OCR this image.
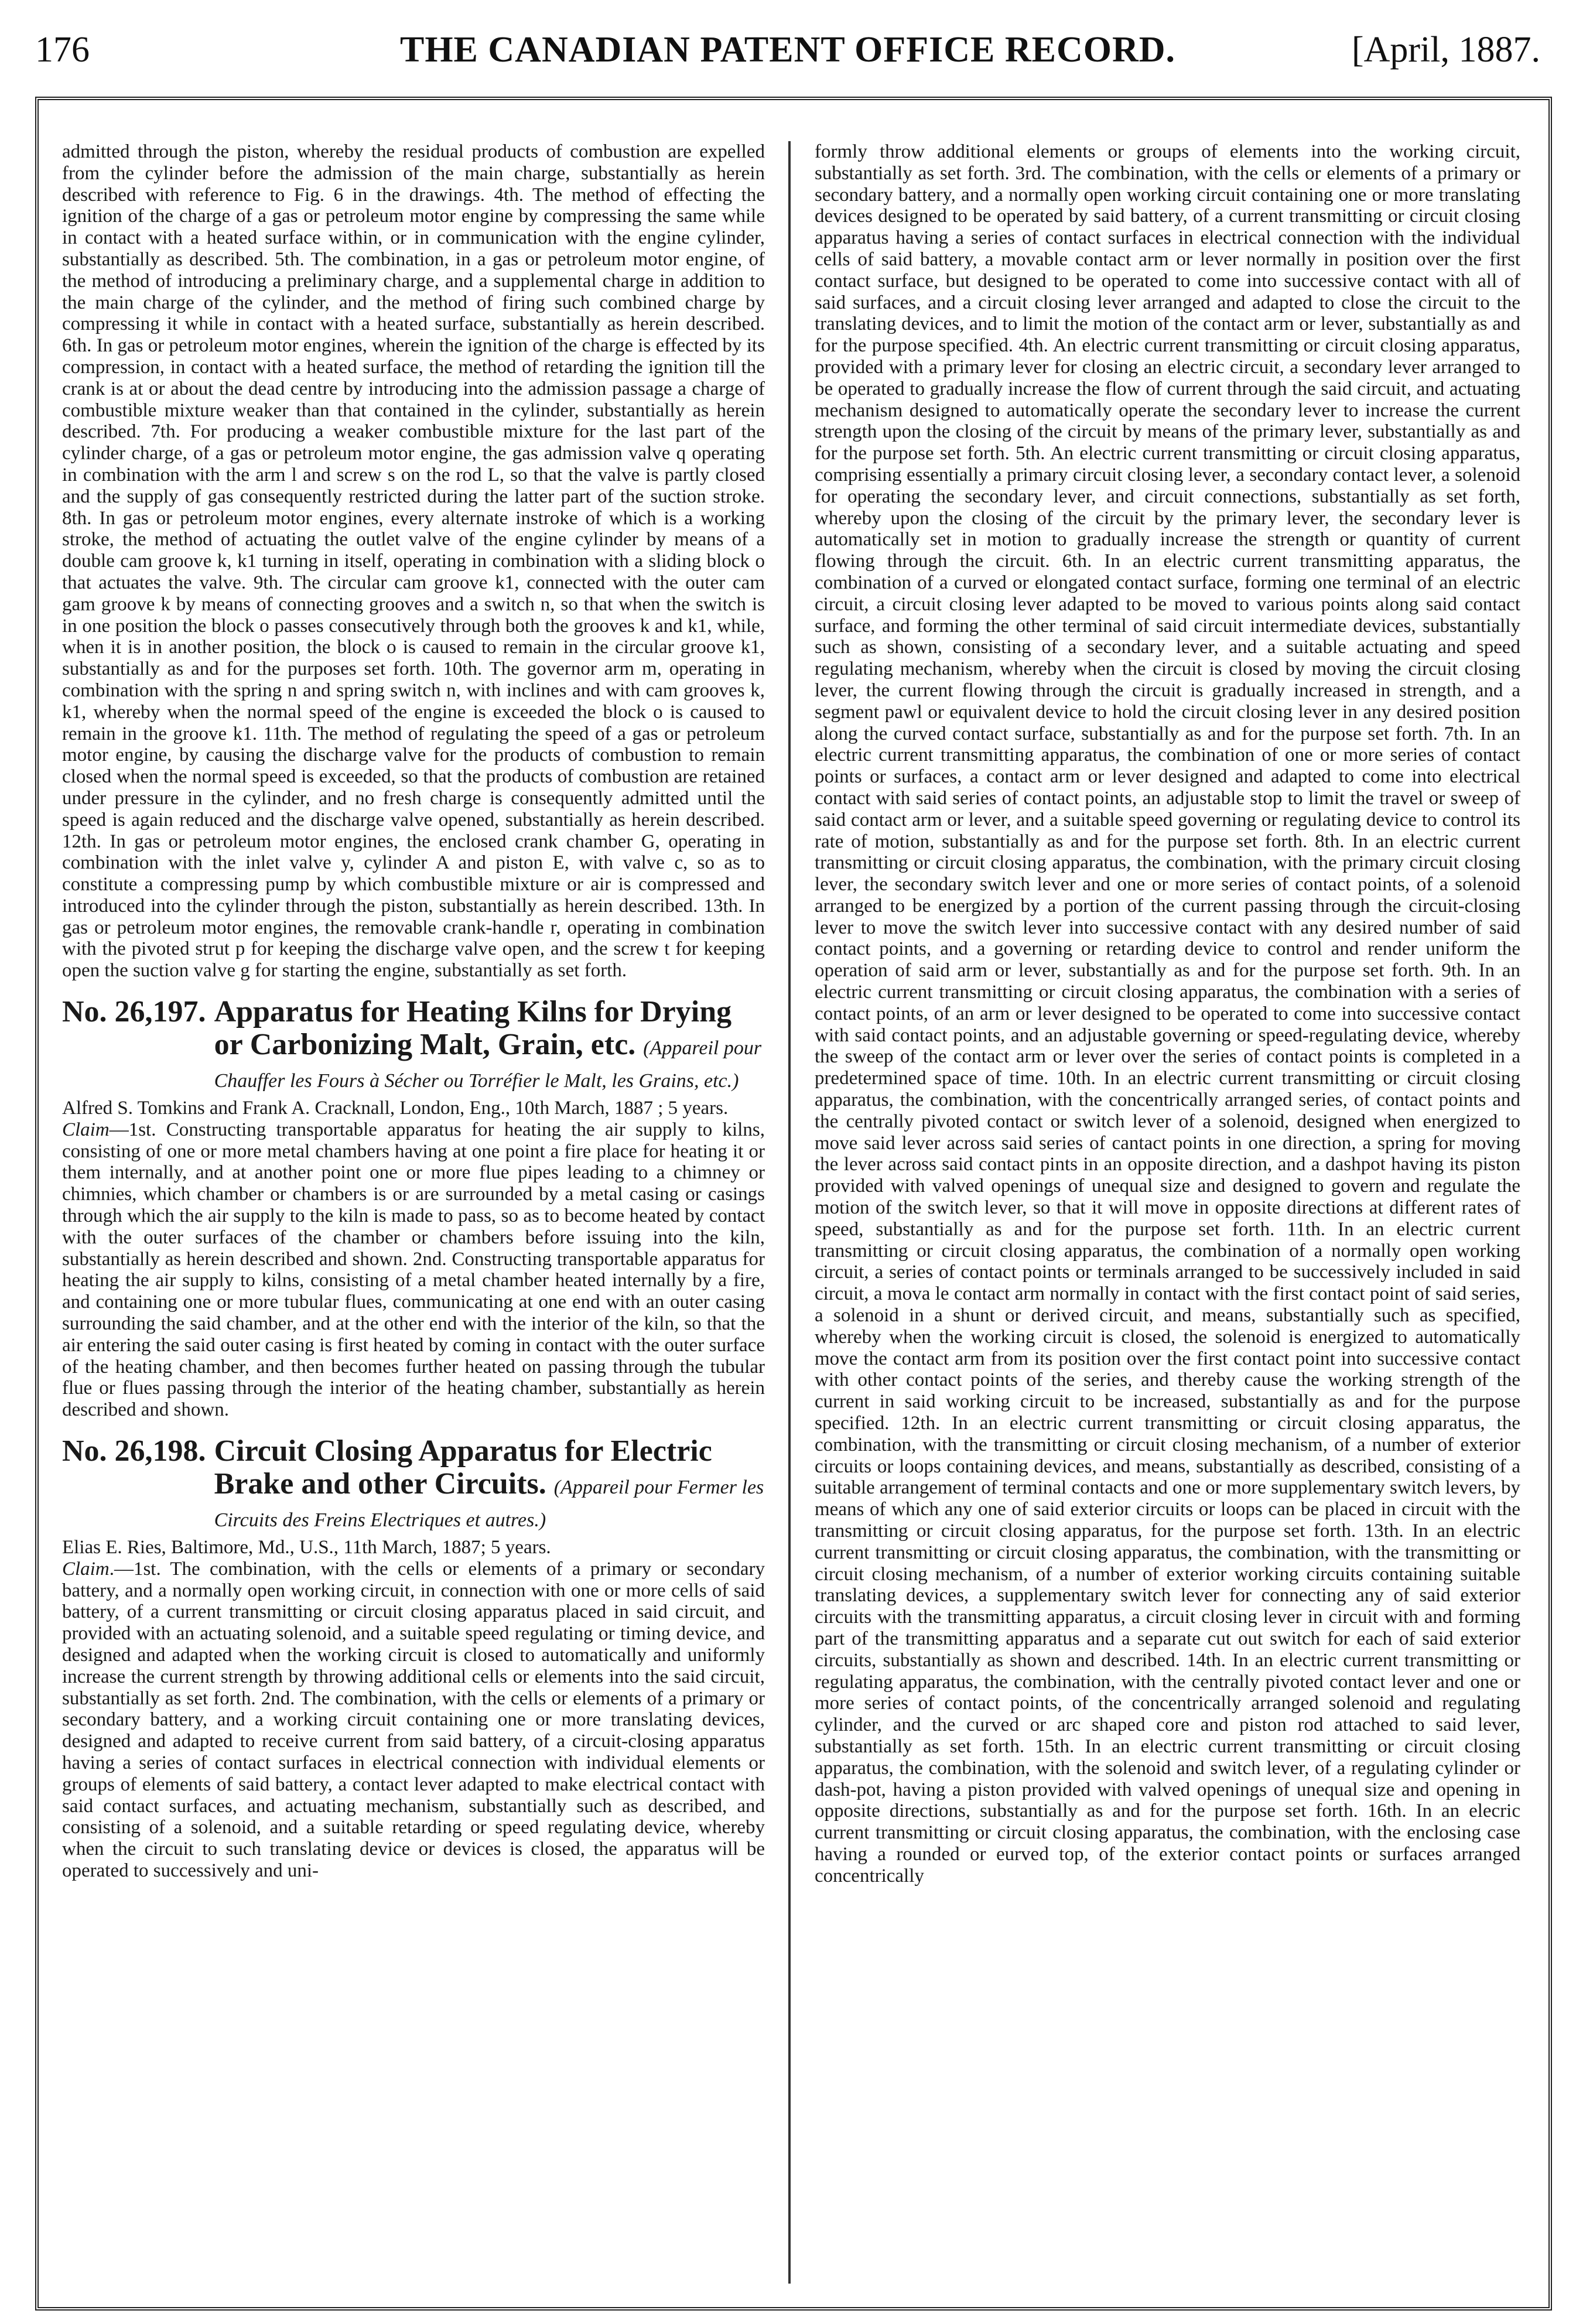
176	THE CANADIAN PATENT OFFICE RECORD.	[April, 1887.

admitted through the piston, whereby the residual products of combustion are expelled from the cylinder before the admission of the main charge, substantially as herein described with reference to Fig. 6 in the drawings. 4th. The method of effecting the ignition of the charge of a gas or petroleum motor engine by compressing the same while in contact with a heated surface within, or in communication with the engine cylinder, substantially as described. 5th. The combination, in a gas or petroleum motor engine, of the method of introducing a preliminary charge, and a supplemental charge in addition to the main charge of the cylinder, and the method of firing such combined charge by compressing it while in contact with a heated surface, substantially as herein described. 6th. In gas or petroleum motor engines, wherein the ignition of the charge is effected by its compression, in contact with a heated surface, the method of retarding the ignition till the crank is at or about the dead centre by introducing into the admission passage a charge of combustible mixture weaker than that contained in the cylinder, substantially as herein described. 7th. For producing a weaker combustible mixture for the last part of the cylinder charge, of a gas or petroleum motor engine, the gas admission valve q operating in combination with the arm l and screw s on the rod L, so that the valve is partly closed and the supply of gas consequently restricted during the latter part of the suction stroke. 8th. In gas or petroleum motor engines, every alternate instroke of which is a working stroke, the method of actuating the outlet valve of the engine cylinder by means of a double cam groove k, k1 turning in itself, operating in combination with a sliding block o that actuates the valve. 9th. The circular cam groove k1, connected with the outer cam gam groove k by means of connecting grooves and a switch n, so that when the switch is in one position the block o passes consecutively through both the grooves k and k1, while, when it is in another position, the block o is caused to remain in the circular groove k1, substantially as and for the purposes set forth. 10th. The governor arm m, operating in combination with the spring n and spring switch n, with inclines and with cam grooves k, k1, whereby when the normal speed of the engine is exceeded the block o is caused to remain in the groove k1. 11th. The method of regulating the speed of a gas or petroleum motor engine, by causing the discharge valve for the products of combustion to remain closed when the normal speed is exceeded, so that the products of combustion are retained under pressure in the cylinder, and no fresh charge is consequently admitted until the speed is again reduced and the discharge valve opened, substantially as herein described. 12th. In gas or petroleum motor engines, the enclosed crank chamber G, operating in combination with the inlet valve y, cylinder A and piston E, with valve c, so as to constitute a compressing pump by which combustible mixture or air is compressed and introduced into the cylinder through the piston, substantially as herein described. 13th. In gas or petroleum motor engines, the removable crank-handle r, operating in combination with the pivoted strut p for keeping the discharge valve open, and the screw t for keeping open the suction valve g for starting the engine, substantially as set forth.

No. 26,197. Apparatus for Heating Kilns for Drying or Carbonizing Malt, Grain, etc. (Appareil pour Chauffer les Fours à Sécher ou Torréfier le Malt, les Grains, etc.)

Alfred S. Tomkins and Frank A. Cracknall, London, Eng., 10th March, 1887 ; 5 years.

Claim—1st. Constructing transportable apparatus for heating the air supply to kilns, consisting of one or more metal chambers having at one point a fire place for heating it or them internally, and at another point one or more flue pipes leading to a chimney or chimnies, which chamber or chambers is or are surrounded by a metal casing or casings through which the air supply to the kiln is made to pass, so as to become heated by contact with the outer surfaces of the chamber or chambers before issuing into the kiln, substantially as herein described and shown. 2nd. Constructing transportable apparatus for heating the air supply to kilns, consisting of a metal chamber heated internally by a fire, and containing one or more tubular flues, communicating at one end with an outer casing surrounding the said chamber, and at the other end with the interior of the kiln, so that the air entering the said outer casing is first heated by coming in contact with the outer surface of the heating chamber, and then becomes further heated on passing through the tubular flue or flues passing through the interior of the heating chamber, substantially as herein described and shown.

No. 26,198. Circuit Closing Apparatus for Electric Brake and other Circuits. (Appareil pour Fermer les Circuits des Freins Electriques et autres.)

Elias E. Ries, Baltimore, Md., U.S., 11th March, 1887; 5 years.

Claim.—1st. The combination, with the cells or elements of a primary or secondary battery, and a normally open working circuit, in connection with one or more cells of said battery, of a current transmitting or circuit closing apparatus placed in said circuit, and provided with an actuating solenoid, and a suitable speed regulating or timing device, and designed and adapted when the working circuit is closed to automatically and uniformly increase the current strength by throwing additional cells or elements into the said circuit, substantially as set forth. 2nd. The combination, with the cells or elements of a primary or secondary battery, and a working circuit containing one or more translating devices, designed and adapted to receive current from said battery, of a circuit-closing apparatus having a series of contact surfaces in electrical connection with individual elements or groups of elements of said battery, a contact lever adapted to make electrical contact with said contact surfaces, and actuating mechanism, substantially such as described, and consisting of a solenoid, and a suitable retarding or speed regulating device, whereby when the circuit to such translating device or devices is closed, the apparatus will be operated to successively and uni-

formly throw additional elements or groups of elements into the working circuit, substantially as set forth. 3rd. The combination, with the cells or elements of a primary or secondary battery, and a normally open working circuit containing one or more translating devices designed to be operated by said battery, of a current transmitting or circuit closing apparatus having a series of contact surfaces in electrical connection with the individual cells of said battery, a movable contact arm or lever normally in position over the first contact surface, but designed to be operated to come into successive contact with all of said surfaces, and a circuit closing lever arranged and adapted to close the circuit to the translating devices, and to limit the motion of the contact arm or lever, substantially as and for the purpose specified. 4th. An electric current transmitting or circuit closing apparatus, provided with a primary lever for closing an electric circuit, a secondary lever arranged to be operated to gradually increase the flow of current through the said circuit, and actuating mechanism designed to automatically operate the secondary lever to increase the current strength upon the closing of the circuit by means of the primary lever, substantially as and for the purpose set forth. 5th. An electric current transmitting or circuit closing apparatus, comprising essentially a primary circuit closing lever, a secondary contact lever, a solenoid for operating the secondary lever, and circuit connections, substantially as set forth, whereby upon the closing of the circuit by the primary lever, the secondary lever is automatically set in motion to gradually increase the strength or quantity of current flowing through the circuit. 6th. In an electric current transmitting apparatus, the combination of a curved or elongated contact surface, forming one terminal of an electric circuit, a circuit closing lever adapted to be moved to various points along said contact surface, and forming the other terminal of said circuit intermediate devices, substantially such as shown, consisting of a secondary lever, and a suitable actuating and speed regulating mechanism, whereby when the circuit is closed by moving the circuit closing lever, the current flowing through the circuit is gradually increased in strength, and a segment pawl or equivalent device to hold the circuit closing lever in any desired position along the curved contact surface, substantially as and for the purpose set forth. 7th. In an electric current transmitting apparatus, the combination of one or more series of contact points or surfaces, a contact arm or lever designed and adapted to come into electrical contact with said series of contact points, an adjustable stop to limit the travel or sweep of said contact arm or lever, and a suitable speed governing or regulating device to control its rate of motion, substantially as and for the purpose set forth. 8th. In an electric current transmitting or circuit closing apparatus, the combination, with the primary circuit closing lever, the secondary switch lever and one or more series of contact points, of a solenoid arranged to be energized by a portion of the current passing through the circuit-closing lever to move the switch lever into successive contact with any desired number of said contact points, and a governing or retarding device to control and render uniform the operation of said arm or lever, substantially as and for the purpose set forth. 9th. In an electric current transmitting or circuit closing apparatus, the combination with a series of contact points, of an arm or lever designed to be operated to come into successive contact with said contact points, and an adjustable governing or speed-regulating device, whereby the sweep of the contact arm or lever over the series of contact points is completed in a predetermined space of time. 10th. In an electric current transmitting or circuit closing apparatus, the combination, with the concentrically arranged series, of contact points and the centrally pivoted contact or switch lever of a solenoid, designed when energized to move said lever across said series of cantact points in one direction, a spring for moving the lever across said contact pints in an opposite direction, and a dashpot having its piston provided with valved openings of unequal size and designed to govern and regulate the motion of the switch lever, so that it will move in opposite directions at different rates of speed, substantially as and for the purpose set forth. 11th. In an electric current transmitting or circuit closing apparatus, the combination of a normally open working circuit, a series of contact points or terminals arranged to be successively included in said circuit, a mova le contact arm normally in contact with the first contact point of said series, a solenoid in a shunt or derived circuit, and means, substantially such as specified, whereby when the working circuit is closed, the solenoid is energized to automatically move the contact arm from its position over the first contact point into successive contact with other contact points of the series, and thereby cause the working strength of the current in said working circuit to be increased, substantially as and for the purpose specified. 12th. In an electric current transmitting or circuit closing apparatus, the combination, with the transmitting or circuit closing mechanism, of a number of exterior circuits or loops containing devices, and means, substantially as described, consisting of a suitable arrangement of terminal contacts and one or more supplementary switch levers, by means of which any one of said exterior circuits or loops can be placed in circuit with the transmitting or circuit closing apparatus, for the purpose set forth. 13th. In an electric current transmitting or circuit closing apparatus, the combination, with the transmitting or circuit closing mechanism, of a number of exterior working circuits containing suitable translating devices, a supplementary switch lever for connecting any of said exterior circuits with the transmitting apparatus, a circuit closing lever in circuit with and forming part of the transmitting apparatus and a separate cut out switch for each of said exterior circuits, substantially as shown and described. 14th. In an electric current transmitting or regulating apparatus, the combination, with the centrally pivoted contact lever and one or more series of contact points, of the concentrically arranged solenoid and regulating cylinder, and the curved or arc shaped core and piston rod attached to said lever, substantially as set forth. 15th. In an electric current transmitting or circuit closing apparatus, the combination, with the solenoid and switch lever, of a regulating cylinder or dash-pot, having a piston provided with valved openings of unequal size and opening in opposite directions, substantially as and for the purpose set forth. 16th. In an elecric current transmitting or circuit closing apparatus, the combination, with the enclosing case having a rounded or eurved top, of the exterior contact points or surfaces arranged concentrically
